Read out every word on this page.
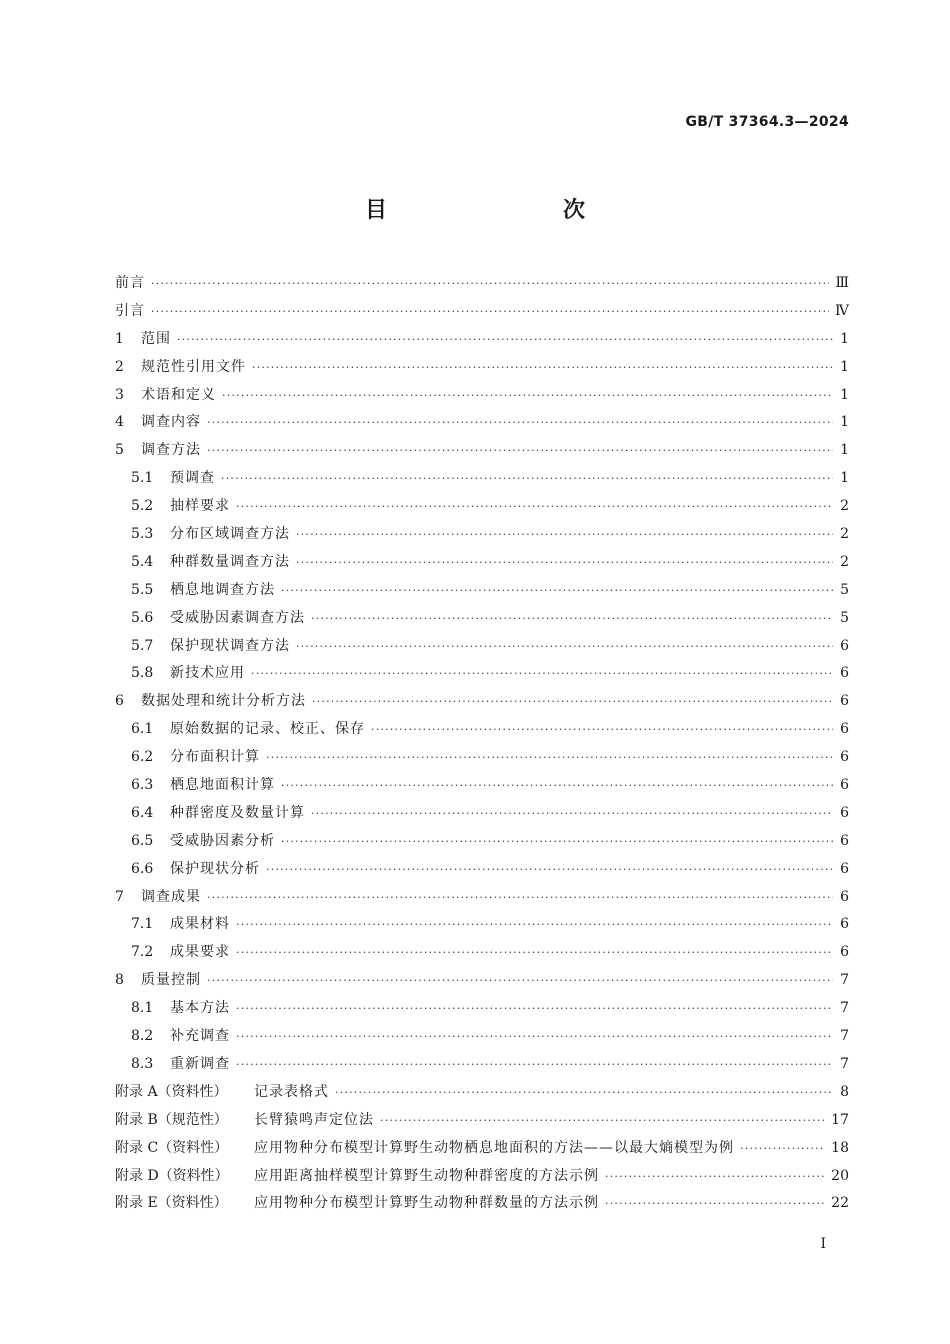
GB/T 37364.3—2024
目　　次
前言 ·····	Ⅲ
引言 ·····	Ⅳ
1	范围 ·····	1
2	规范性引用文件 ·····	1
3	术语和定义 ·····	1
4	调查内容 ·····	1
5	调查方法 ·····	1
5.1	预调查 ·····	1
5.2	抽样要求 ·····	2
5.3	分布区域调查方法 ·····	2
5.4	种群数量调查方法 ·····	2
5.5	栖息地调查方法 ·····	5
5.6	受威胁因素调查方法 ·····	5
5.7	保护现状调查方法 ·····	6
5.8	新技术应用 ·····	6
6	数据处理和统计分析方法 ·····	6
6.1	原始数据的记录、校正、保存 ·····	6
6.2	分布面积计算 ·····	6
6.3	栖息地面积计算 ·····	6
6.4	种群密度及数量计算 ·····	6
6.5	受威胁因素分析 ·····	6
6.6	保护现状分析 ·····	6
7	调查成果 ·····	6
7.1	成果材料 ·····	6
7.2	成果要求 ·····	6
8	质量控制 ·····	7
8.1	基本方法 ·····	7
8.2	补充调查 ·····	7
8.3	重新调查 ·····	7
附录 A（资料性）	记录表格式 ·····	8
附录 B（规范性）	长臂猿鸣声定位法 ·····	17
附录 C（资料性）	应用物种分布模型计算野生动物栖息地面积的方法——以最大熵模型为例 ·····	18
附录 D（资料性）	应用距离抽样模型计算野生动物种群密度的方法示例 ·····	20
附录 E（资料性）	应用物种分布模型计算野生动物种群数量的方法示例 ·····	22
Ⅰ
